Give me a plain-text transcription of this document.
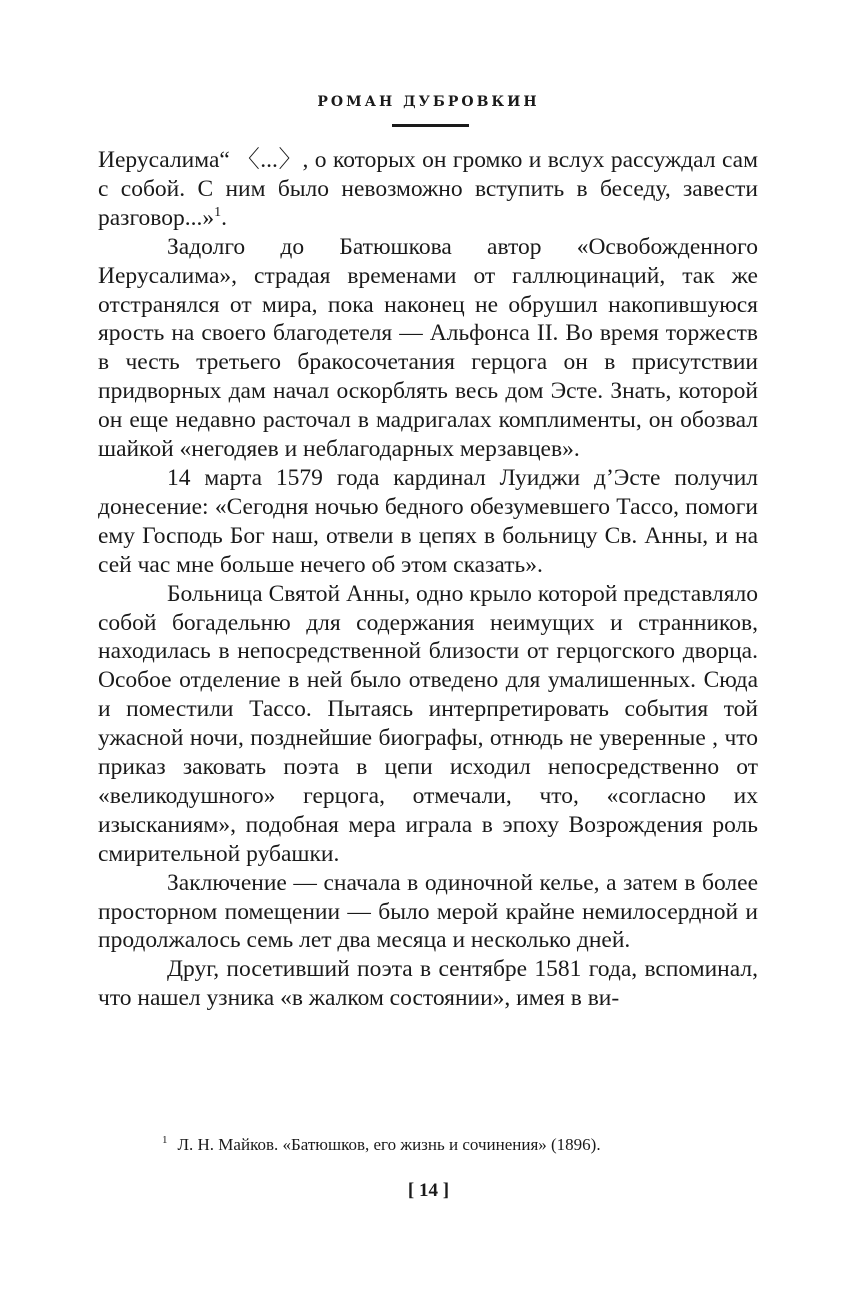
РОМАН ДУБРОВКИН

Иерусалима“ 〈...〉, о которых он громко и вслух рассуждал сам с собой. С ним было невозможно вступить в беседу, завести разговор...»$^1$.

Задолго до Батюшкова автор «Освобожденного Иерусалима», страдая временами от галлюцинаций, так же отстранялся от мира, пока наконец не обрушил накопившуюся ярость на своего благодетеля — Альфонса II. Во время торжеств в честь третьего бракосочетания герцога он в присутствии придворных дам начал оскорблять весь дом Эсте. Знать, которой он еще недавно расточал в мадригалах комплименты, он обозвал шайкой «негодяев и неблагодарных мерзавцев».

14 марта 1579 года кардинал Луиджи д’Эсте получил донесение: «Сегодня ночью бедного обезумевшего Тассо, помоги ему Господь Бог наш, отвели в цепях в больницу Св. Анны, и на сей час мне больше нечего об этом сказать».

Больница Святой Анны, одно крыло которой представляло собой богадельню для содержания неимущих и странников, находилась в непосредственной близости от герцогского дворца. Особое отделение в ней было отведено для умалишенных. Сюда и поместили Тассо. Пытаясь интерпретировать события той ужасной ночи, позднейшие биографы, отнюдь не уверенные , что приказ заковать поэта в цепи исходил непосредственно от «великодушного» герцога, отмечали, что, «согласно их изысканиям», подобная мера играла в эпоху Возрождения роль смирительной рубашки.

Заключение — сначала в одиночной келье, а затем в более просторном помещении — было мерой крайне немилосердной и продолжалось семь лет два месяца и несколько дней.

Друг, посетивший поэта в сентябре 1581 года, вспоминал, что нашел узника «в жалком состоянии», имея в ви-

$^1$ Л. Н. Майков. «Батюшков, его жизнь и сочинения» (1896).
[ 14 ]
